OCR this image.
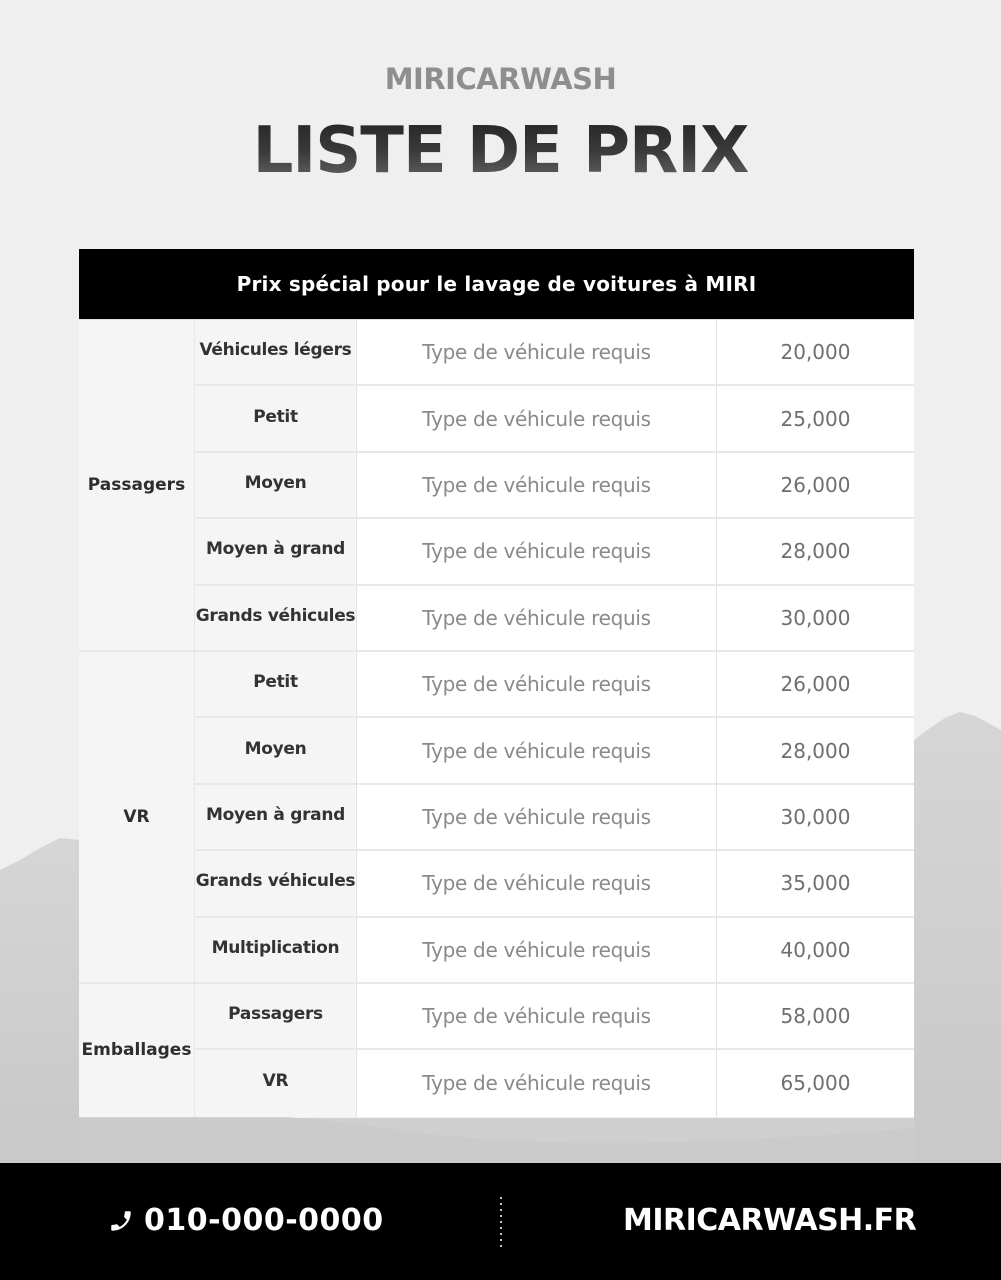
MIRICARWASH
LISTE DE PRIX
Prix spécial pour le lavage de voitures à MIRI
Passagers
Véhicules légers	Type de véhicule requis	20,000
Petit	Type de véhicule requis	25,000
Moyen	Type de véhicule requis	26,000
Moyen à grand	Type de véhicule requis	28,000
Grands véhicules	Type de véhicule requis	30,000
VR
Petit	Type de véhicule requis	26,000
Moyen	Type de véhicule requis	28,000
Moyen à grand	Type de véhicule requis	30,000
Grands véhicules	Type de véhicule requis	35,000
Multiplication	Type de véhicule requis	40,000
Emballages
Passagers	Type de véhicule requis	58,000
VR	Type de véhicule requis	65,000
010-000-0000	MIRICARWASH.FR
